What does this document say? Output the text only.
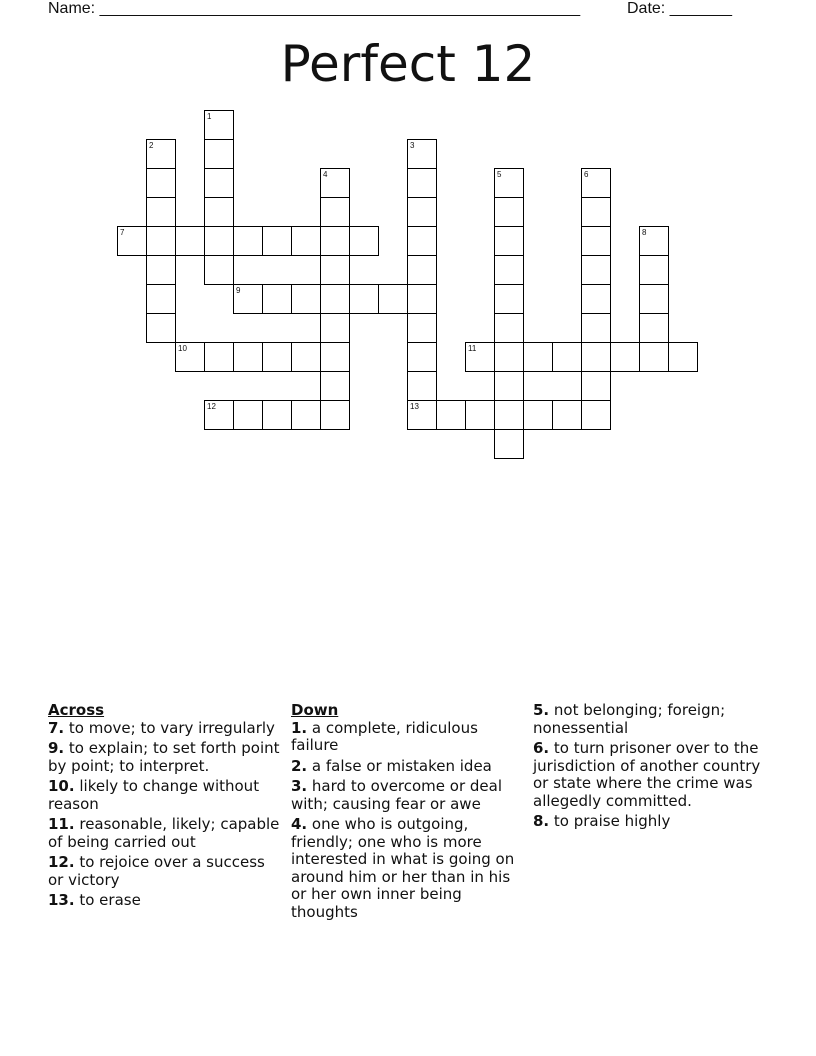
Name: ______________________________________________________	Date: _______
Perfect 12
7
9
10	11
12	13
1
2	3
4	5	6
8
Across
7. to move; to vary irregularly
9. to explain; to set forth point by point; to interpret.
10. likely to change without reason
11. reasonable, likely; capable of being carried out
12. to rejoice over a success or victory
13. to erase
Down
1. a complete, ridiculous failure
2. a false or mistaken idea
3. hard to overcome or deal with; causing fear or awe
4. one who is outgoing, friendly; one who is more interested in what is going on around him or her than in his or her own inner being thoughts
5. not belonging; foreign; nonessential
6. to turn prisoner over to the jurisdiction of another country or state where the crime was allegedly committed.
8. to praise highly
